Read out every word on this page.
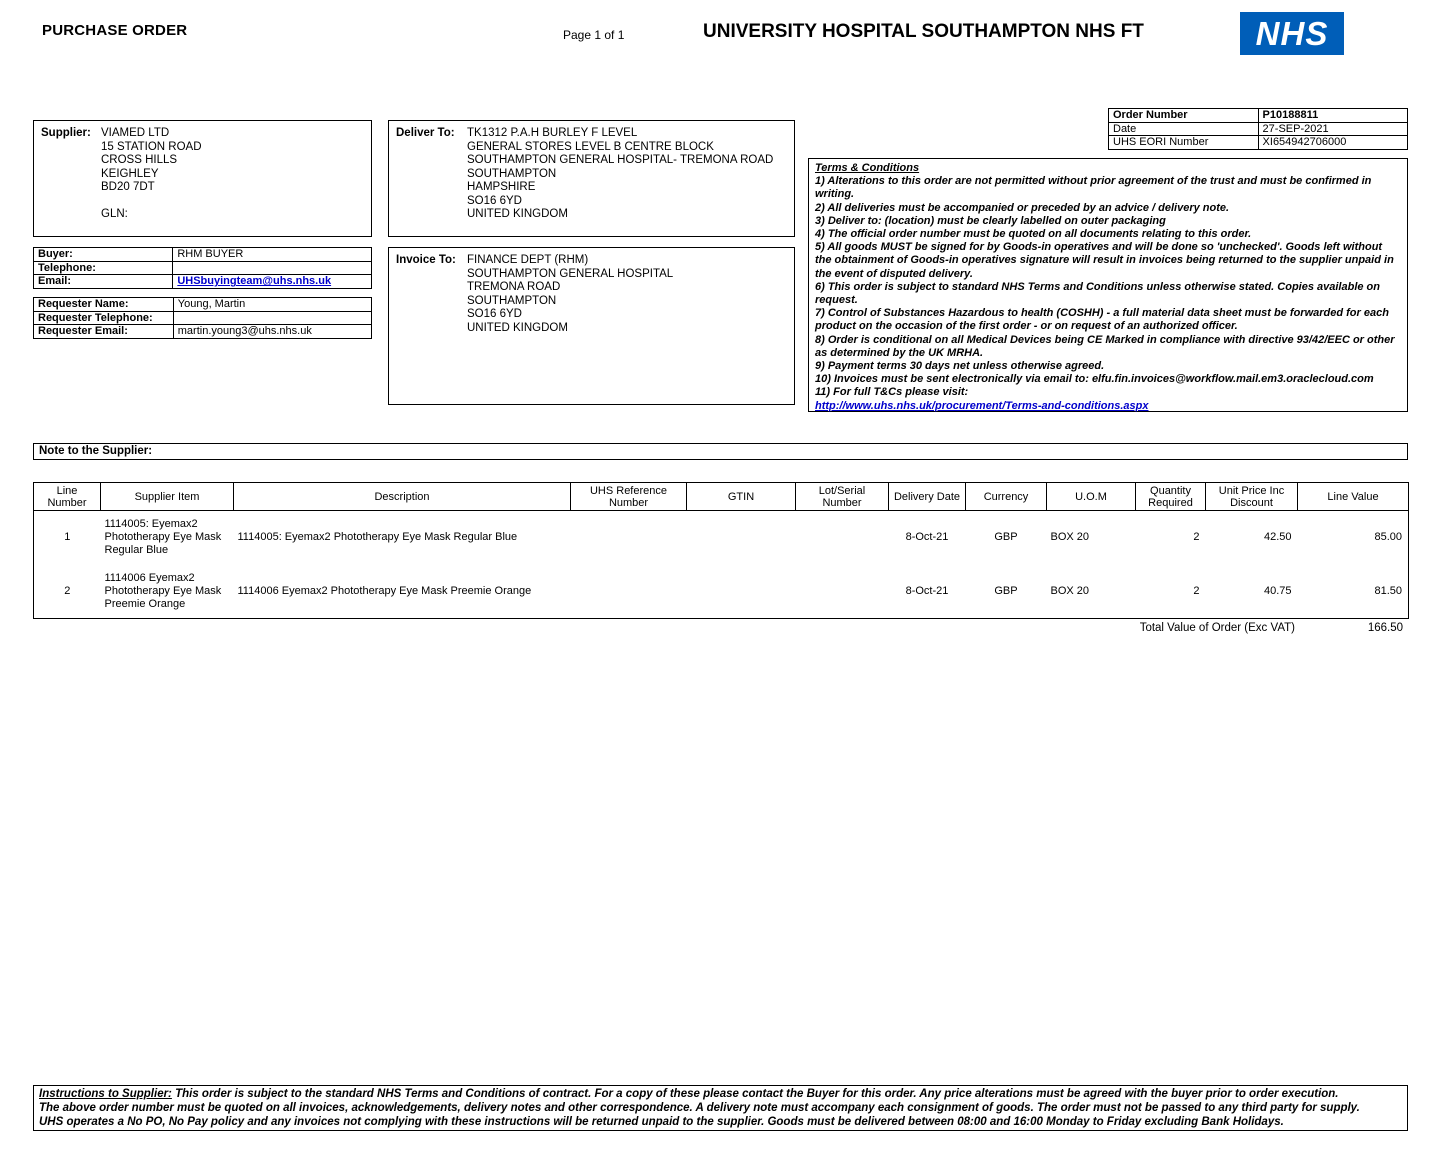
PURCHASE ORDER	Page 1 of 1	UNIVERSITY HOSPITAL SOUTHAMPTON NHS FT	NHS
Order Number	P10188811
Date	27-SEP-2021
UHS EORI Number	XI654942706000
Supplier: VIAMED LTD
15 STATION ROAD
CROSS HILLS
KEIGHLEY
BD20 7DT
GLN:
Deliver To:	TK1312 P.A.H BURLEY F LEVEL
GENERAL STORES LEVEL B CENTRE BLOCK
SOUTHAMPTON GENERAL HOSPITAL- TREMONA ROAD
SOUTHAMPTON
HAMPSHIRE
SO16 6YD
UNITED KINGDOM
Terms & Conditions
1) Alterations to this order are not permitted without prior agreement of the trust and must be confirmed in writing.
2) All deliveries must be accompanied or preceded by an advice / delivery note.
3) Deliver to: (location) must be clearly labelled on outer packaging
4) The official order number must be quoted on all documents relating to this order.
5) All goods MUST be signed for by Goods-in operatives and will be done so 'unchecked'. Goods left without the obtainment of Goods-in operatives signature will result in invoices being returned to the supplier unpaid in the event of disputed delivery.
6) This order is subject to standard NHS Terms and Conditions unless otherwise stated. Copies available on request.
7) Control of Substances Hazardous to health (COSHH) - a full material data sheet must be forwarded for each product on the occasion of the first order - or on request of an authorized officer.
8) Order is conditional on all Medical Devices being CE Marked in compliance with directive 93/42/EEC or other as determined by the UK MRHA.
9) Payment terms 30 days net unless otherwise agreed.
10) Invoices must be sent electronically via email to: elfu.fin.invoices@workflow.mail.em3.oraclecloud.com
11) For full T&Cs please visit:
http://www.uhs.nhs.uk/procurement/Terms-and-conditions.aspx
Buyer:	RHM BUYER
Telephone:	
Email:	UHSbuyingteam@uhs.nhs.uk
Requester Name:	Young, Martin
Requester Telephone:	
Requester Email:	martin.young3@uhs.nhs.uk
Invoice To: FINANCE DEPT (RHM)
SOUTHAMPTON GENERAL HOSPITAL
TREMONA ROAD
SOUTHAMPTON
SO16 6YD
UNITED KINGDOM
Note to the Supplier:
Line Number	Supplier Item	Description	UHS Reference Number	GTIN	Lot/Serial Number	Delivery Date	Currency	U.O.M	Quantity Required	Unit Price Inc Discount	Line Value
1	1114005: Eyemax2 Phototherapy Eye Mask Regular Blue	1114005: Eyemax2 Phototherapy Eye Mask Regular Blue				8-Oct-21	GBP	BOX 20	2	42.50	85.00
2	1114006 Eyemax2 Phototherapy Eye Mask Preemie Orange	1114006 Eyemax2 Phototherapy Eye Mask Preemie Orange				8-Oct-21	GBP	BOX 20	2	40.75	81.50
Total Value of Order (Exc VAT)	166.50
Instructions to Supplier: This order is subject to the standard NHS Terms and Conditions of contract. For a copy of these please contact the Buyer for this order. Any price alterations must be agreed with the buyer prior to order execution.
The above order number must be quoted on all invoices, acknowledgements, delivery notes and other correspondence. A delivery note must accompany each consignment of goods. The order must not be passed to any third party for supply.
UHS operates a No PO, No Pay policy and any invoices not complying with these instructions will be returned unpaid to the supplier. Goods must be delivered between 08:00 and 16:00 Monday to Friday excluding Bank Holidays.
